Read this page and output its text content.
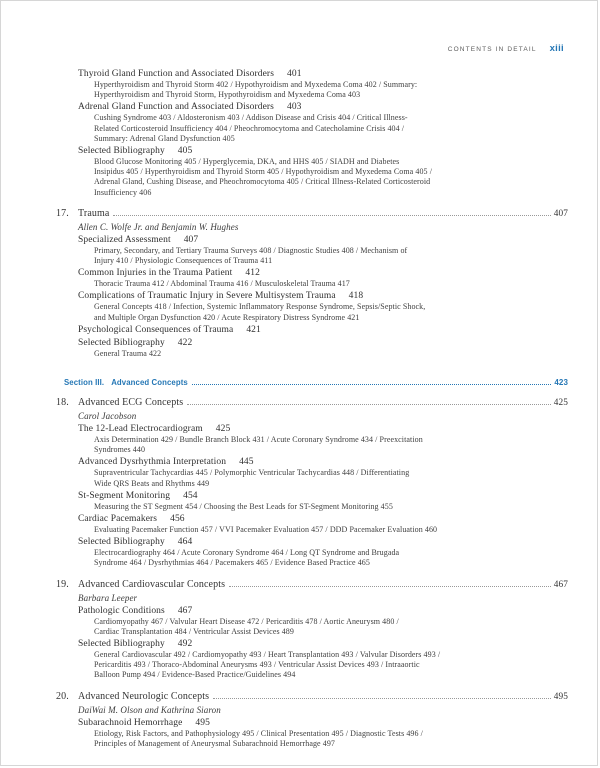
CONTENTS IN DETAIL xiii
Thyroid Gland Function and Associated Disorders 401
Hyperthyroidism and Thyroid Storm 402 / Hypothyroidism and Myxedema Coma 402 / Summary:
Hyperthyroidism and Thyroid Storm, Hypothyroidism and Myxedema Coma 403
Adrenal Gland Function and Associated Disorders 403
Cushing Syndrome 403 / Aldosteronism 403 / Addison Disease and Crisis 404 / Critical Illness-
Related Corticosteroid Insufficiency 404 / Pheochromocytoma and Catecholamine Crisis 404 /
Summary: Adrenal Gland Dysfunction 405
Selected Bibliography 405
Blood Glucose Monitoring 405 / Hyperglycemia, DKA, and HHS 405 / SIADH and Diabetes
Insipidus 405 / Hyperthyroidism and Thyroid Storm 405 / Hypothyroidism and Myxedema Coma 405 /
Adrenal Gland, Cushing Disease, and Pheochromocytoma 405 / Critical Illness-Related Corticosteroid
Insufficiency 406
17. Trauma	407
Allen C. Wolfe Jr. and Benjamin W. Hughes
Specialized Assessment 407
Primary, Secondary, and Tertiary Trauma Surveys 408 / Diagnostic Studies 408 / Mechanism of
Injury 410 / Physiologic Consequences of Trauma 411
Common Injuries in the Trauma Patient 412
Thoracic Trauma 412 / Abdominal Trauma 416 / Musculoskeletal Trauma 417
Complications of Traumatic Injury in Severe Multisystem Trauma 418
General Concepts 418 / Infection, Systemic Inflammatory Response Syndrome, Sepsis/Septic Shock,
and Multiple Organ Dysfunction 420 / Acute Respiratory Distress Syndrome 421
Psychological Consequences of Trauma 421
Selected Bibliography 422
General Trauma 422
Section III. Advanced Concepts	423
18. Advanced ECG Concepts	425
Carol Jacobson
The 12-Lead Electrocardiogram 425
Axis Determination 429 / Bundle Branch Block 431 / Acute Coronary Syndrome 434 / Preexcitation
Syndromes 440
Advanced Dysrhythmia Interpretation 445
Supraventricular Tachycardias 445 / Polymorphic Ventricular Tachycardias 448 / Differentiating
Wide QRS Beats and Rhythms 449
St-Segment Monitoring 454
Measuring the ST Segment 454 / Choosing the Best Leads for ST-Segment Monitoring 455
Cardiac Pacemakers 456
Evaluating Pacemaker Function 457 / VVI Pacemaker Evaluation 457 / DDD Pacemaker Evaluation 460
Selected Bibliography 464
Electrocardiography 464 / Acute Coronary Syndrome 464 / Long QT Syndrome and Brugada
Syndrome 464 / Dysrhythmias 464 / Pacemakers 465 / Evidence Based Practice 465
19. Advanced Cardiovascular Concepts	467
Barbara Leeper
Pathologic Conditions 467
Cardiomyopathy 467 / Valvular Heart Disease 472 / Pericarditis 478 / Aortic Aneurysm 480 /
Cardiac Transplantation 484 / Ventricular Assist Devices 489
Selected Bibliography 492
General Cardiovascular 492 / Cardiomyopathy 493 / Heart Transplantation 493 / Valvular Disorders 493 /
Pericarditis 493 / Thoraco-Abdominal Aneurysms 493 / Ventricular Assist Devices 493 / Intraaortic
Balloon Pump 494 / Evidence-Based Practice/Guidelines 494
20. Advanced Neurologic Concepts	495
DaiWai M. Olson and Kathrina Siaron
Subarachnoid Hemorrhage 495
Etiology, Risk Factors, and Pathophysiology 495 / Clinical Presentation 495 / Diagnostic Tests 496 /
Principles of Management of Aneurysmal Subarachnoid Hemorrhage 497
